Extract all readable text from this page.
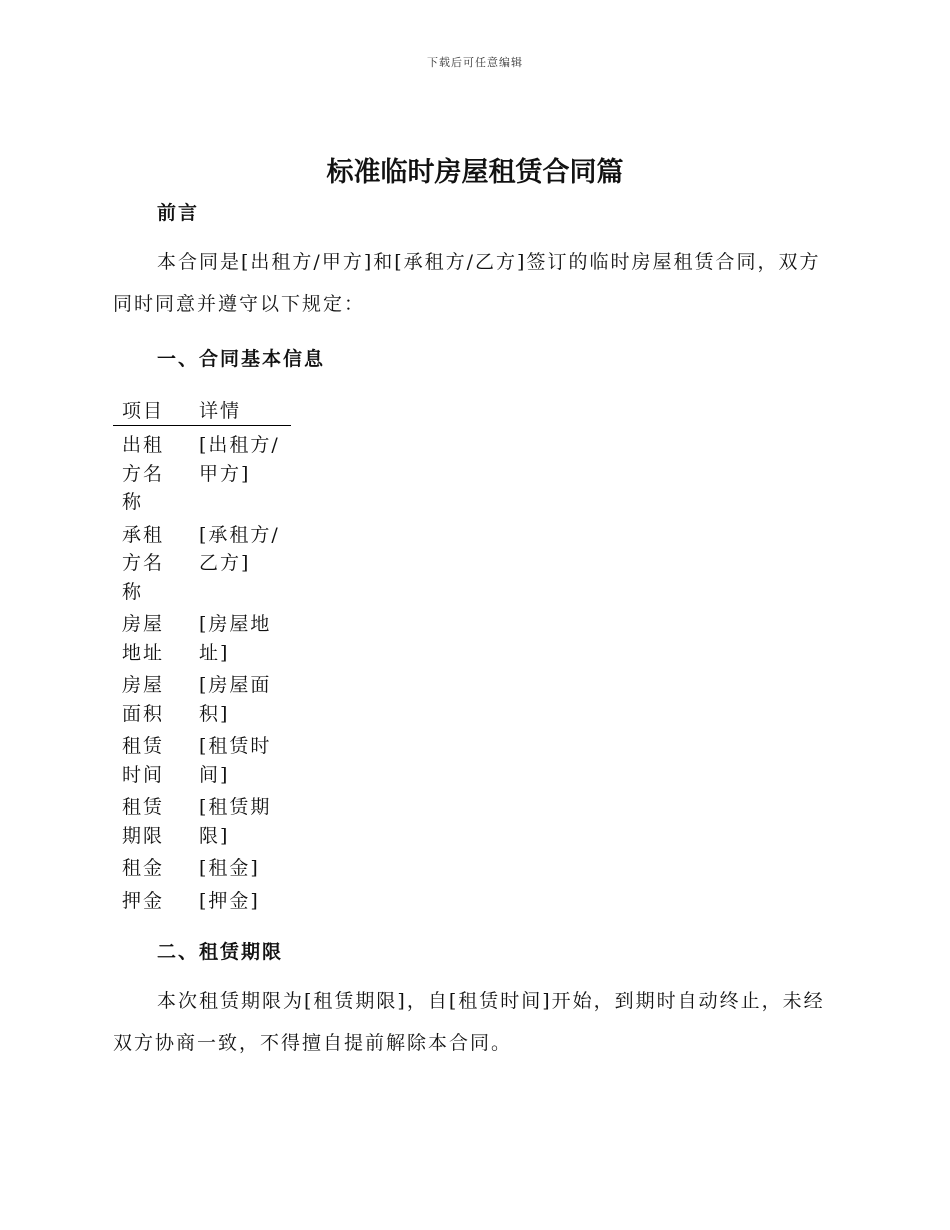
下载后可任意编辑
标准临时房屋租赁合同篇
前言

本合同是[出租方/甲方]和[承租方/乙方]签订的临时房屋租赁合同，双方同时同意并遵守以下规定：

一、合同基本信息
项目	详情
出租方名称	[出租方/甲方]
承租方名称	[承租方/乙方]
房屋地址	[房屋地址]
房屋面积	[房屋面积]
租赁时间	[租赁时间]
租赁期限	[租赁期限]
租金	[租金]
押金	[押金]
二、租赁期限

本次租赁期限为[租赁期限]，自[租赁时间]开始，到期时自动终止，未经双方协商一致，不得擅自提前解除本合同。
